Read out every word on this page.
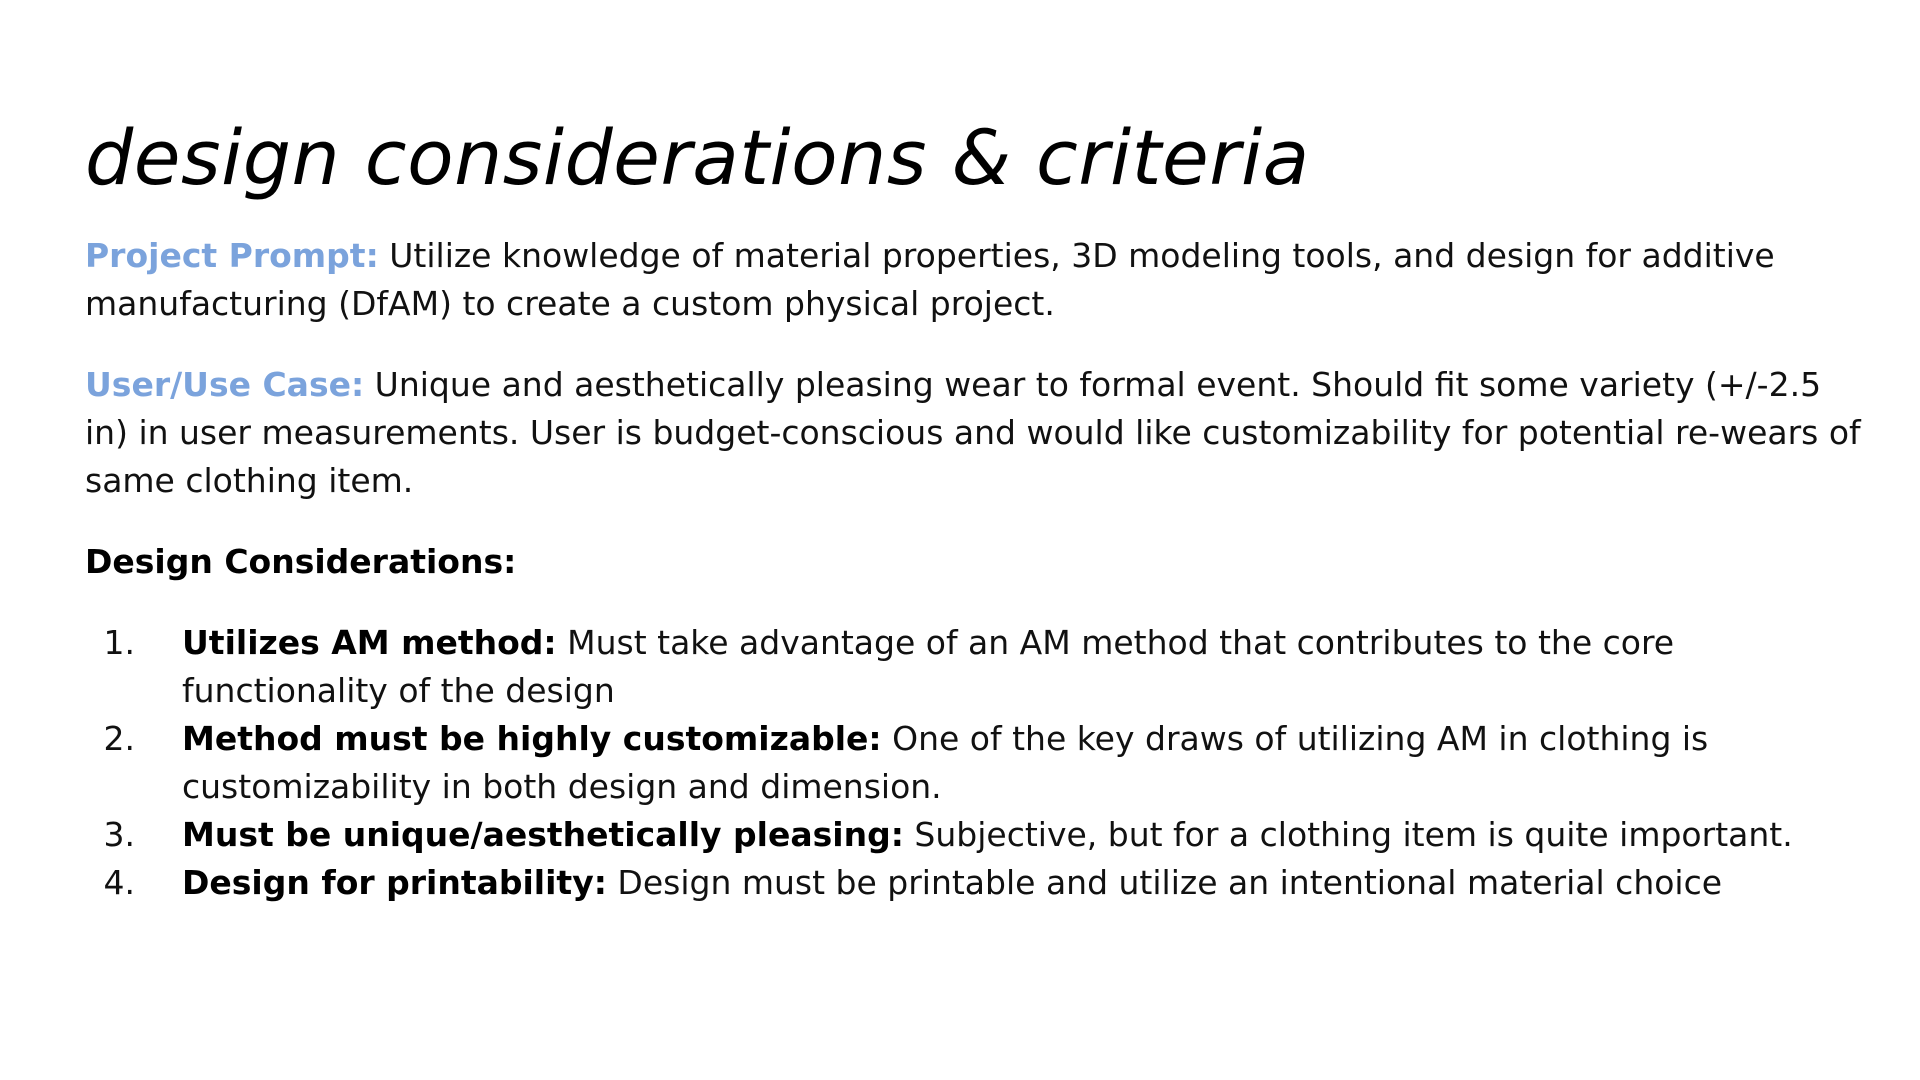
design considerations & criteria

Project Prompt: Utilize knowledge of material properties, 3D modeling tools, and design for additive manufacturing (DfAM) to create a custom physical project.

User/Use Case: Unique and aesthetically pleasing wear to formal event. Should fit some variety (+/-2.5 in) in user measurements. User is budget-conscious and would like customizability for potential re-wears of same clothing item.

Design Considerations:

1. Utilizes AM method: Must take advantage of an AM method that contributes to the core functionality of the design
2. Method must be highly customizable: One of the key draws of utilizing AM in clothing is customizability in both design and dimension.
3. Must be unique/aesthetically pleasing: Subjective, but for a clothing item is quite important.
4. Design for printability: Design must be printable and utilize an intentional material choice
